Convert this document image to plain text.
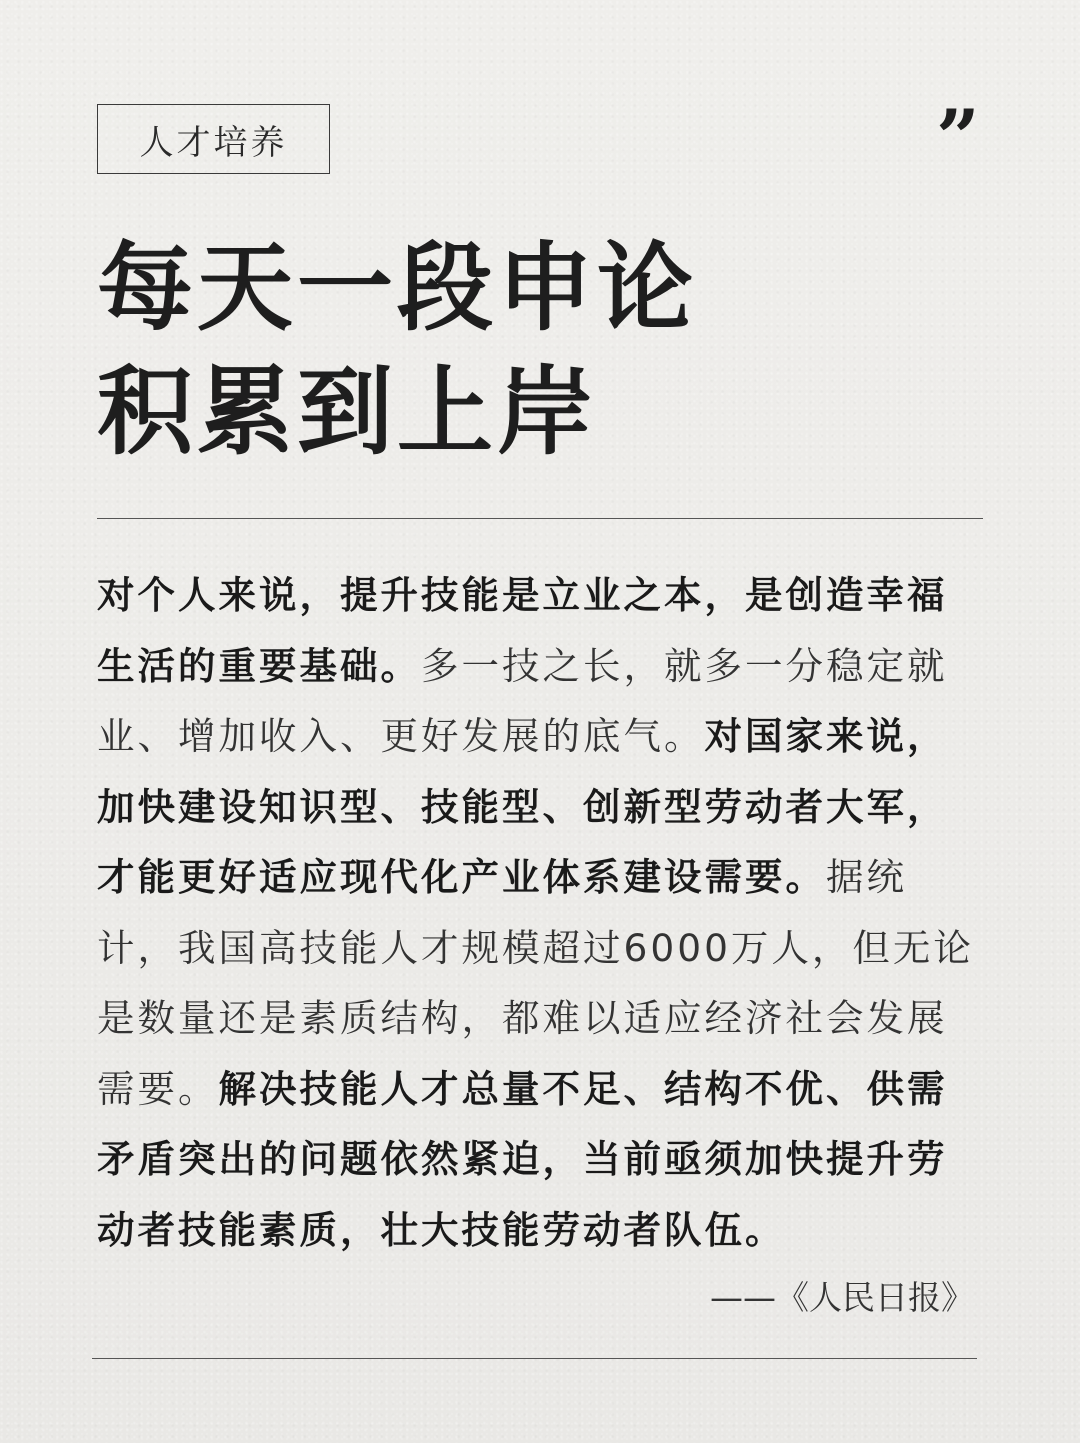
人才培养	”
每天一段申论
积累到上岸
对个人来说，提升技能是立业之本，是创造幸福生活的重要基础。多一技之长，就多一分稳定就业、增加收入、更好发展的底气。对国家来说，加快建设知识型、技能型、创新型劳动者大军，才能更好适应现代化产业体系建设需要。据统计，我国高技能人才规模超过6000万人，但无论是数量还是素质结构，都难以适应经济社会发展需要。解决技能人才总量不足、结构不优、供需矛盾突出的问题依然紧迫，当前亟须加快提升劳动者技能素质，壮大技能劳动者队伍。
——《人民日报》
